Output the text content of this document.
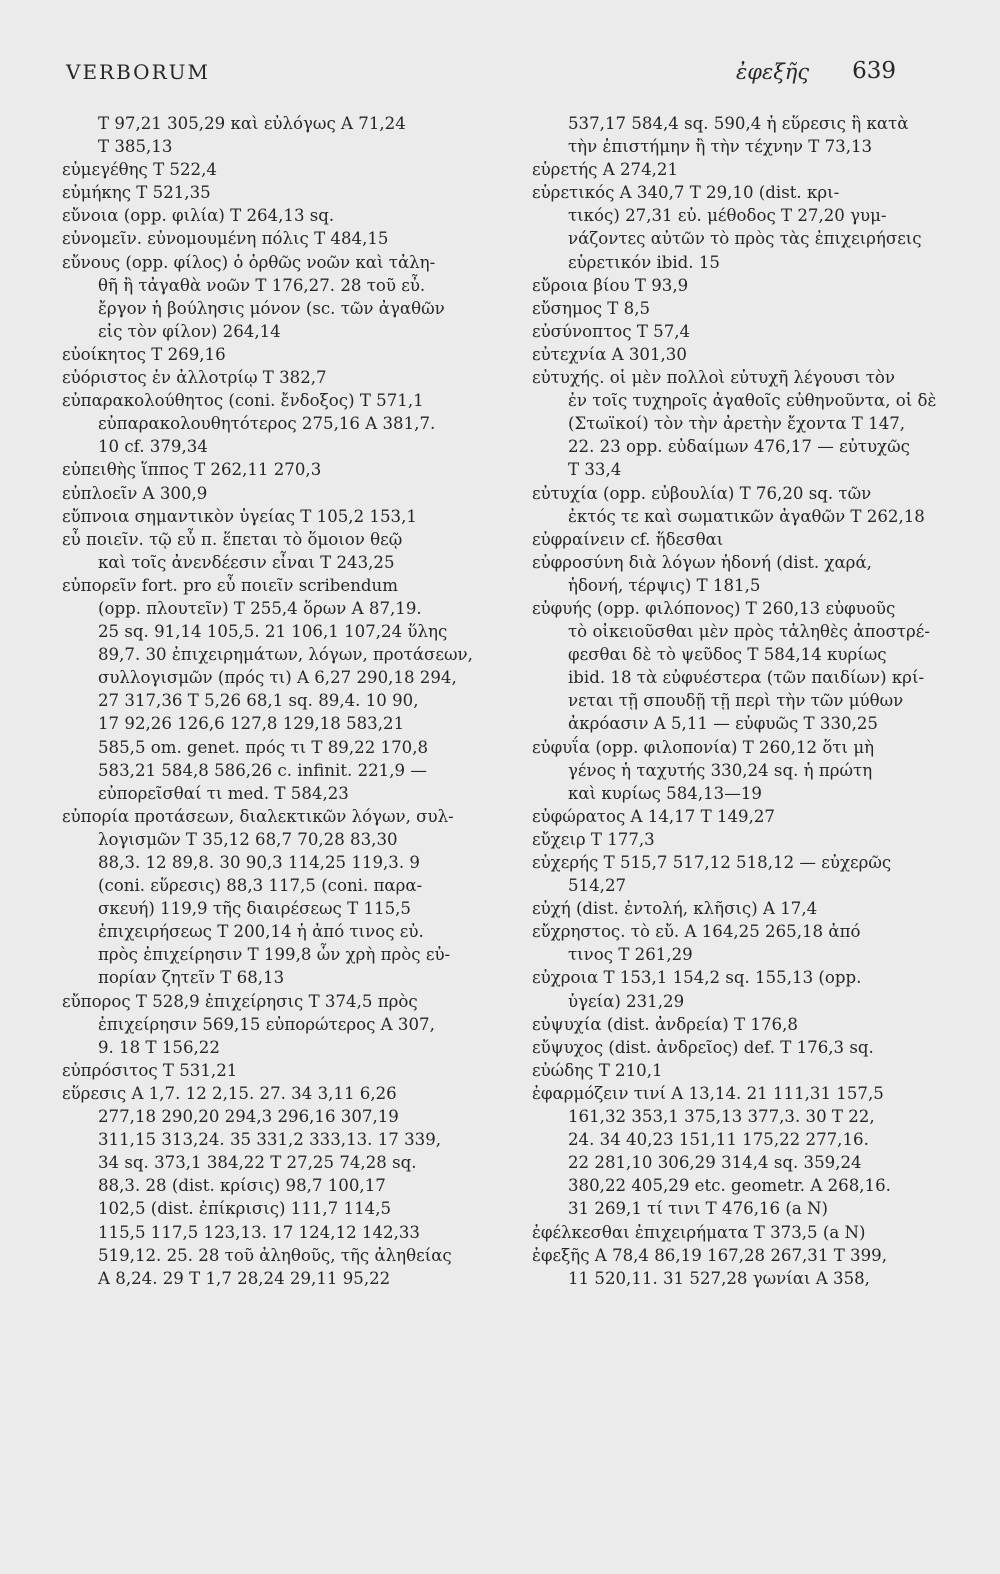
VERBORUM	ἐφεξῆς 639
T 97,21 305,29 καὶ εὐλόγως A 71,24
T 385,13
εὐμεγέθης T 522,4
εὐμήκης T 521,35
εὔνοια (opp. φιλία) T 264,13 sq.
εὐνομεῖν. εὐνομουμένη πόλις T 484,15
εὔνους (opp. φίλος) ὁ ὀρθῶς νοῶν καὶ τἀλη-
θῆ ἢ τἀγαθὰ νοῶν T 176,27. 28 τοῦ εὖ.
ἔργον ἡ βούλησις μόνον (sc. τῶν ἀγαθῶν
εἰς τὸν φίλον) 264,14
εὐοίκητος T 269,16
εὐόριστος ἐν ἀλλοτρίῳ T 382,7
εὐπαρακολούθητος (coni. ἔνδοξος) T 571,1
εὐπαρακολουθητότερος 275,16 A 381,7.
10 cf. 379,34
εὐπειθὴς ἵππος T 262,11 270,3
εὐπλοεῖν A 300,9
εὔπνοια σημαντικὸν ὑγείας T 105,2 153,1
εὖ ποιεῖν. τῷ εὖ π. ἕπεται τὸ ὅμοιον θεῷ
καὶ τοῖς ἀνενδέεσιν εἶναι T 243,25
εὐπορεῖν fort. pro εὖ ποιεῖν scribendum
(opp. πλουτεῖν) T 255,4 ὅρων A 87,19.
25 sq. 91,14 105,5. 21 106,1 107,24 ὕλης
89,7. 30 ἐπιχειρημάτων, λόγων, προτάσεων,
συλλογισμῶν (πρός τι) A 6,27 290,18 294,
27 317,36 T 5,26 68,1 sq. 89,4. 10 90,
17 92,26 126,6 127,8 129,18 583,21
585,5 om. genet. πρός τι T 89,22 170,8
583,21 584,8 586,26 c. infinit. 221,9 —
εὐπορεῖσθαί τι med. T 584,23
εὐπορία προτάσεων, διαλεκτικῶν λόγων, συλ-
λογισμῶν T 35,12 68,7 70,28 83,30
88,3. 12 89,8. 30 90,3 114,25 119,3. 9
(coni. εὕρεσις) 88,3 117,5 (coni. παρα-
σκευή) 119,9 τῆς διαιρέσεως T 115,5
ἐπιχειρήσεως T 200,14 ἡ ἀπό τινος εὐ.
πρὸς ἐπιχείρησιν T 199,8 ὧν χρὴ πρὸς εὐ-
πορίαν ζητεῖν T 68,13
εὔπορος T 528,9 ἐπιχείρησις T 374,5 πρὸς
ἐπιχείρησιν 569,15 εὐπορώτερος A 307,
9. 18 T 156,22
εὐπρόσιτος T 531,21
εὕρεσις A 1,7. 12 2,15. 27. 34 3,11 6,26
277,18 290,20 294,3 296,16 307,19
311,15 313,24. 35 331,2 333,13. 17 339,
34 sq. 373,1 384,22 T 27,25 74,28 sq.
88,3. 28 (dist. κρίσις) 98,7 100,17
102,5 (dist. ἐπίκρισις) 111,7 114,5
115,5 117,5 123,13. 17 124,12 142,33
519,12. 25. 28 τοῦ ἀληθοῦς, τῆς ἀληθείας
A 8,24. 29 T 1,7 28,24 29,11 95,22
537,17 584,4 sq. 590,4 ἡ εὕρεσις ἢ κατὰ
τὴν ἐπιστήμην ἢ τὴν τέχνην T 73,13
εὑρετής A 274,21
εὑρετικός A 340,7 T 29,10 (dist. κρι-
τικός) 27,31 εὐ. μέθοδος T 27,20 γυμ-
νάζοντες αὐτῶν τὸ πρὸς τὰς ἐπιχειρήσεις
εὑρετικόν ibid. 15
εὔροια βίου T 93,9
εὔσημος T 8,5
εὐσύνοπτος T 57,4
εὐτεχνία A 301,30
εὐτυχής. οἱ μὲν πολλοὶ εὐτυχῆ λέγουσι τὸν
ἐν τοῖς τυχηροῖς ἀγαθοῖς εὐθηνοῦντα, οἱ δὲ
(Στωϊκοί) τὸν τὴν ἀρετὴν ἔχοντα T 147,
22. 23 opp. εὐδαίμων 476,17 — εὐτυχῶς
T 33,4
εὐτυχία (opp. εὐβουλία) T 76,20 sq. τῶν
ἐκτός τε καὶ σωματικῶν ἀγαθῶν T 262,18
εὐφραίνειν cf. ἥδεσθαι
εὐφροσύνη διὰ λόγων ἡδονή (dist. χαρά,
ἡδονή, τέρψις) T 181,5
εὐφυής (opp. φιλόπονος) T 260,13 εὐφυοῦς
τὸ οἰκειοῦσθαι μὲν πρὸς τἀληθὲς ἀποστρέ-
φεσθαι δὲ τὸ ψεῦδος T 584,14 κυρίως
ibid. 18 τὰ εὐφυέστερα (τῶν παιδίων) κρί-
νεται τῇ σπουδῇ τῇ περὶ τὴν τῶν μύθων
ἀκρόασιν A 5,11 — εὐφυῶς T 330,25
εὐφυΐα (opp. φιλοπονία) T 260,12 ὅτι μὴ
γένος ἡ ταχυτής 330,24 sq. ἡ πρώτη
καὶ κυρίως 584,13—19
εὐφώρατος A 14,17 T 149,27
εὔχειρ T 177,3
εὐχερής T 515,7 517,12 518,12 — εὐχερῶς
514,27
εὐχή (dist. ἐντολή, κλῆσις) A 17,4
εὔχρηστος. τὸ εὔ. A 164,25 265,18 ἀπό
τινος T 261,29
εὐχροια T 153,1 154,2 sq. 155,13 (opp.
ὑγεία) 231,29
εὐψυχία (dist. ἀνδρεία) T 176,8
εὔψυχος (dist. ἀνδρεῖος) def. T 176,3 sq.
εὐώδης T 210,1
ἐφαρμόζειν τινί A 13,14. 21 111,31 157,5
161,32 353,1 375,13 377,3. 30 T 22,
24. 34 40,23 151,11 175,22 277,16.
22 281,10 306,29 314,4 sq. 359,24
380,22 405,29 etc. geometr. A 268,16.
31 269,1 τί τινι T 476,16 (a N)
ἐφέλκεσθαι ἐπιχειρήματα T 373,5 (a N)
ἐφεξῆς A 78,4 86,19 167,28 267,31 T 399,
11 520,11. 31 527,28 γωνίαι A 358,
